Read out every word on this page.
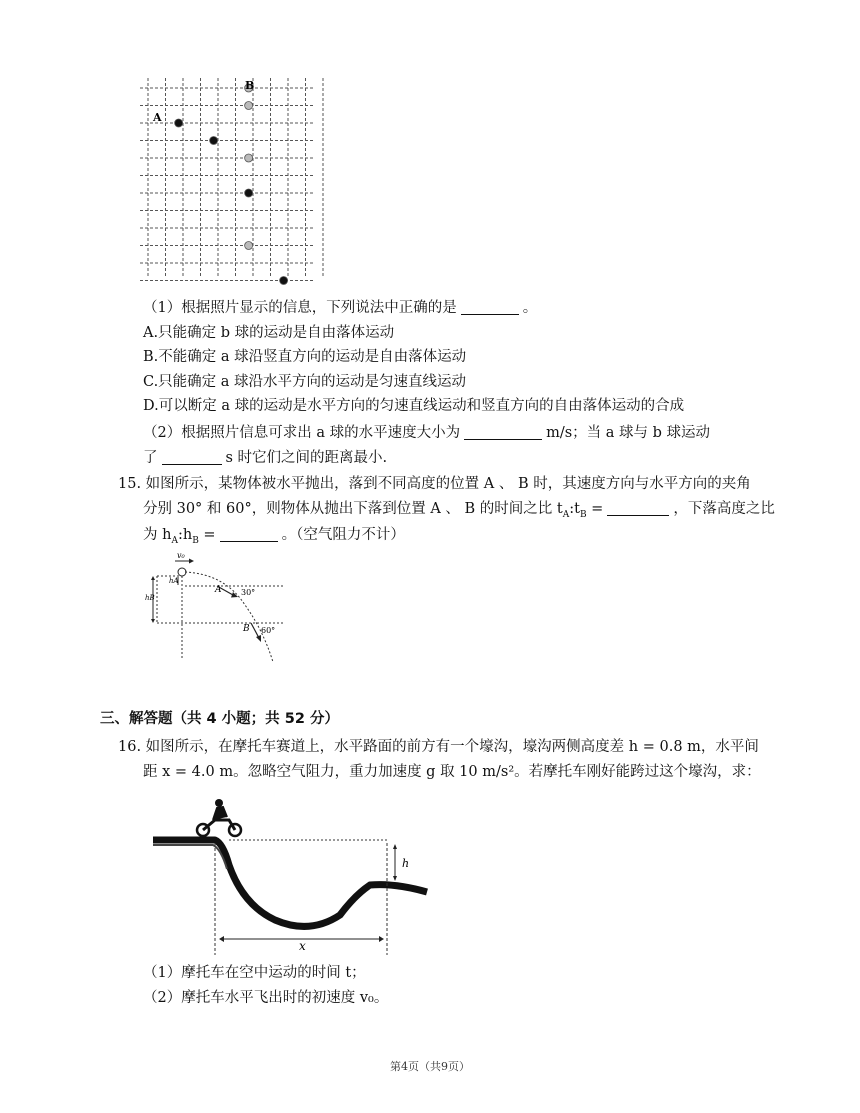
A
B
（1）根据照片显示的信息，下列说法中正确的是	。
A.只能确定 b 球的运动是自由落体运动
B.不能确定 a 球沿竖直方向的运动是自由落体运动
C.只能确定 a 球沿水平方向的运动是匀速直线运动
D.可以断定 a 球的运动是水平方向的匀速直线运动和竖直方向的自由落体运动的合成
（2）根据照片信息可求出 a 球的水平速度大小为	m/s；当 a 球与 b 球运动
了	s 时它们之间的距离最小.
15. 如图所示，某物体被水平抛出，落到不同高度的位置 A 、 B 时，其速度方向与水平方向的夹角
分别 30° 和 60°，则物体从抛出下落到位置 A 、 B 的时间之比 $t_A:t_B$ =	，下落高度之比
为 $h_A:h_B$ =	。（空气阻力不计）
v₀
hA
hB
A
B
30°
60°
三、解答题（共 4 小题；共 52 分）
16. 如图所示，在摩托车赛道上，水平路面的前方有一个壕沟，壕沟两侧高度差 h = 0.8 m，水平间
距 x = 4.0 m。忽略空气阻力，重力加速度 g 取 10 m/s²。若摩托车刚好能跨过这个壕沟，求：
h
x
（1）摩托车在空中运动的时间 t；
（2）摩托车水平飞出时的初速度 v₀。
第4页（共9页）
